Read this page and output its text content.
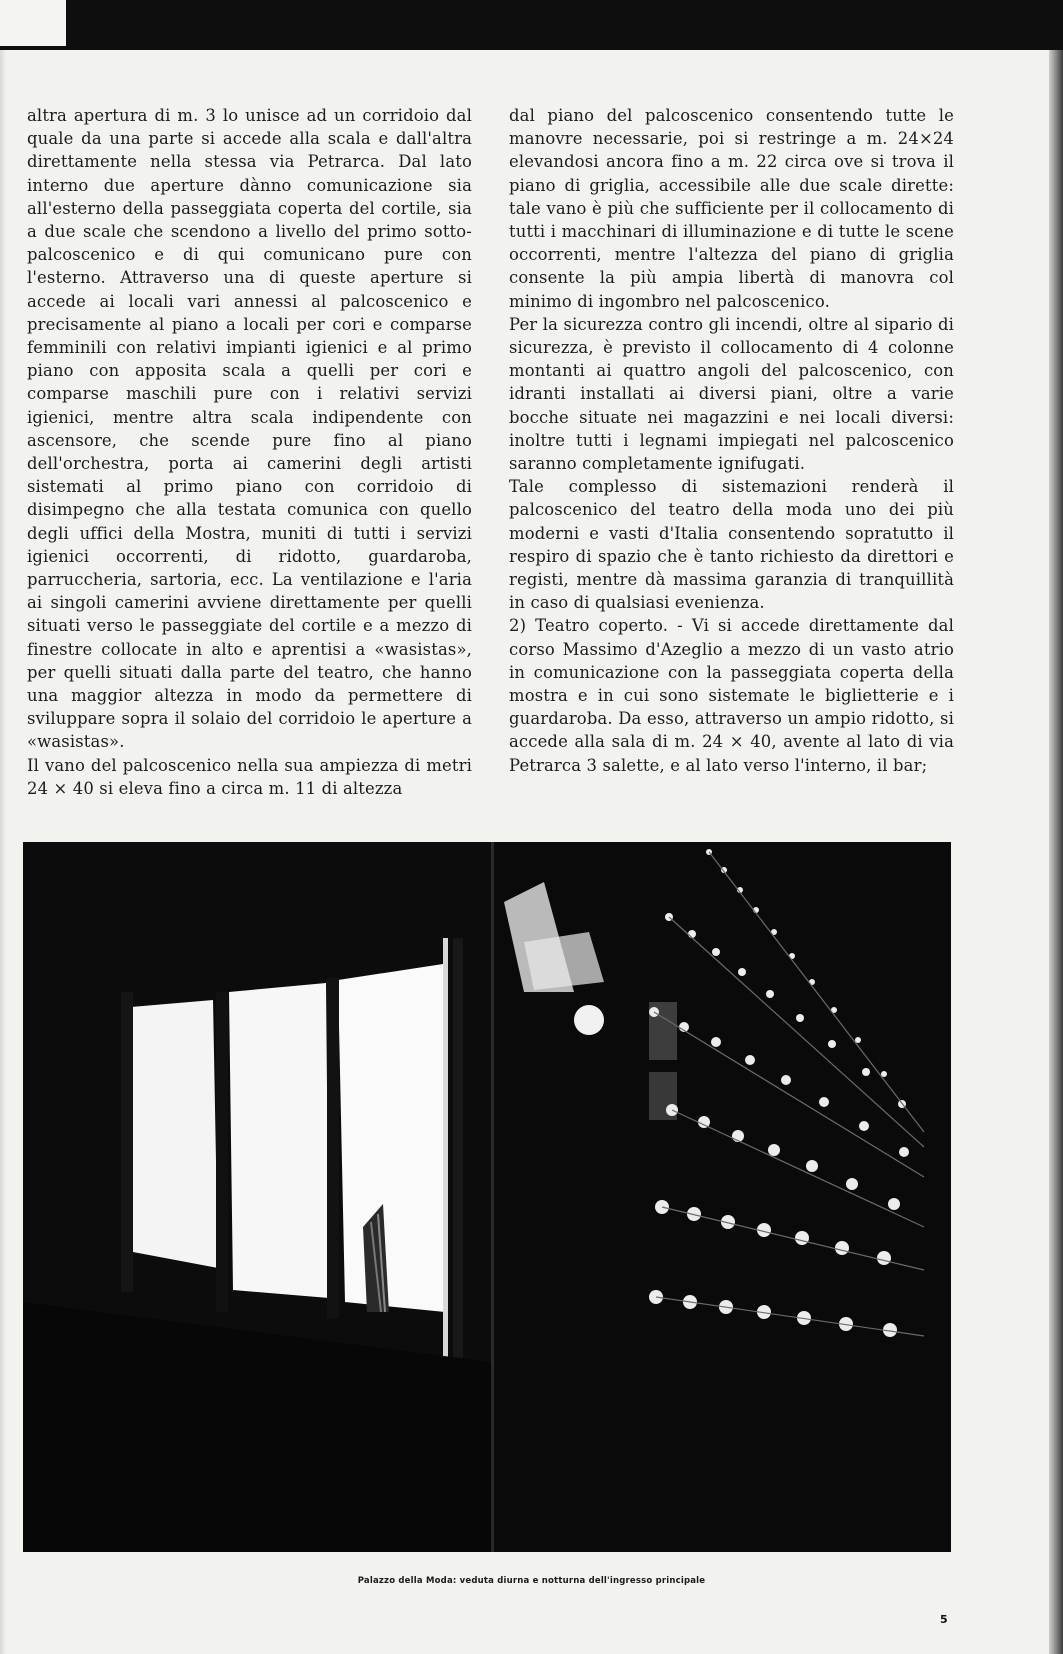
altra apertura di m. 3 lo unisce ad un corridoio dal quale da una parte si accede alla scala e dall'altra direttamente nella stessa via Petrarca. Dal lato interno due aperture dànno comunicazione sia all'esterno della passeggiata coperta del cortile, sia a due scale che scendono a livello del primo sotto-palcoscenico e di qui comunicano pure con l'esterno. Attraverso una di queste aperture si accede ai locali vari annessi al palcoscenico e precisamente al piano a locali per cori e comparse femminili con relativi impianti igienici e al primo piano con apposita scala a quelli per cori e comparse maschili pure con i relativi servizi igienici, mentre altra scala indipendente con ascensore, che scende pure fino al piano dell'orchestra, porta ai camerini degli artisti sistemati al primo piano con corridoio di disimpegno che alla testata comunica con quello degli uffici della Mostra, muniti di tutti i servizi igienici occorrenti, di ridotto, guardaroba, parruccheria, sartoria, ecc. La ventilazione e l'aria ai singoli camerini avviene direttamente per quelli situati verso le passeggiate del cortile e a mezzo di finestre collocate in alto e aprentisi a «wasistas», per quelli situati dalla parte del teatro, che hanno una maggior altezza in modo da permettere di sviluppare sopra il solaio del corridoio le aperture a «wasistas».

Il vano del palcoscenico nella sua ampiezza di metri 24 × 40 si eleva fino a circa m. 11 di altezza

dal piano del palcoscenico consentendo tutte le manovre necessarie, poi si restringe a m. 24×24 elevandosi ancora fino a m. 22 circa ove si trova il piano di griglia, accessibile alle due scale dirette: tale vano è più che sufficiente per il collocamento di tutti i macchinari di illuminazione e di tutte le scene occorrenti, mentre l'altezza del piano di griglia consente la più ampia libertà di manovra col minimo di ingombro nel palcoscenico.

Per la sicurezza contro gli incendi, oltre al sipario di sicurezza, è previsto il collocamento di 4 colonne montanti ai quattro angoli del palcoscenico, con idranti installati ai diversi piani, oltre a varie bocche situate nei magazzini e nei locali diversi: inoltre tutti i legnami impiegati nel palcoscenico saranno completamente ignifugati.

Tale complesso di sistemazioni renderà il palcoscenico del teatro della moda uno dei più moderni e vasti d'Italia consentendo sopratutto il respiro di spazio che è tanto richiesto da direttori e registi, mentre dà massima garanzia di tranquillità in caso di qualsiasi evenienza.

2) Teatro coperto. - Vi si accede direttamente dal corso Massimo d'Azeglio a mezzo di un vasto atrio in comunicazione con la passeggiata coperta della mostra e in cui sono sistemate le biglietterie e i guardaroba. Da esso, attraverso un ampio ridotto, si accede alla sala di m. 24 × 40, avente al lato di via Petrarca 3 salette, e al lato verso l'interno, il bar;

Palazzo della Moda: veduta diurna e notturna dell'ingresso principale
5
